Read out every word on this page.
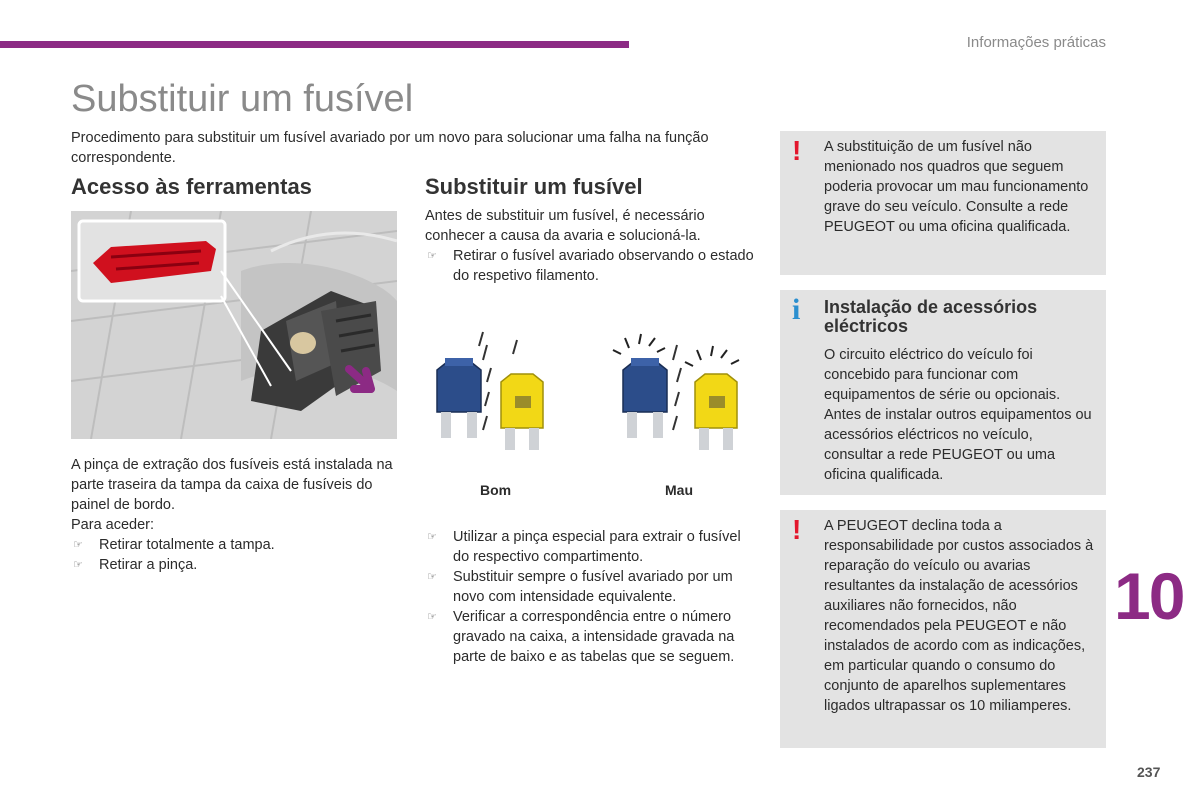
Informações práticas
Substituir um fusível

Procedimento para substituir um fusível avariado por um novo para solucionar uma falha na função correspondente.

Acesso às ferramentas
A pinça de extração dos fusíveis está instalada na parte traseira da tampa da caixa de fusíveis do painel de bordo.
Para aceder:
☞ Retirar totalmente a tampa.
☞ Retirar a pinça.
Substituir um fusível
Antes de substituir um fusível, é necessário conhecer a causa da avaria e solucioná-la.
☞ Retirar o fusível avariado observando o estado do respetivo filamento.
Bom	Mau
☞ Utilizar a pinça especial para extrair o fusível do respectivo compartimento.
☞ Substituir sempre o fusível avariado por um novo com intensidade equivalente.
☞ Verificar a correspondência entre o número gravado na caixa, a intensidade gravada na parte de baixo e as tabelas que se seguem.
! A substituição de um fusível não menionado nos quadros que seguem poderia provocar um mau funcionamento grave do seu veículo. Consulte a rede PEUGEOT ou uma oficina qualificada.
i Instalação de acessórios eléctricos
O circuito eléctrico do veículo foi concebido para funcionar com equipamentos de série ou opcionais. Antes de instalar outros equipamentos ou acessórios eléctricos no veículo, consultar a rede PEUGEOT ou uma oficina qualificada.
! A PEUGEOT declina toda a responsabilidade por custos associados à reparação do veículo ou avarias resultantes da instalação de acessórios auxiliares não fornecidos, não recomendados pela PEUGEOT e não instalados de acordo com as indicações, em particular quando o consumo do conjunto de aparelhos suplementares ligados ultrapassar os 10 miliamperes.
10
237
